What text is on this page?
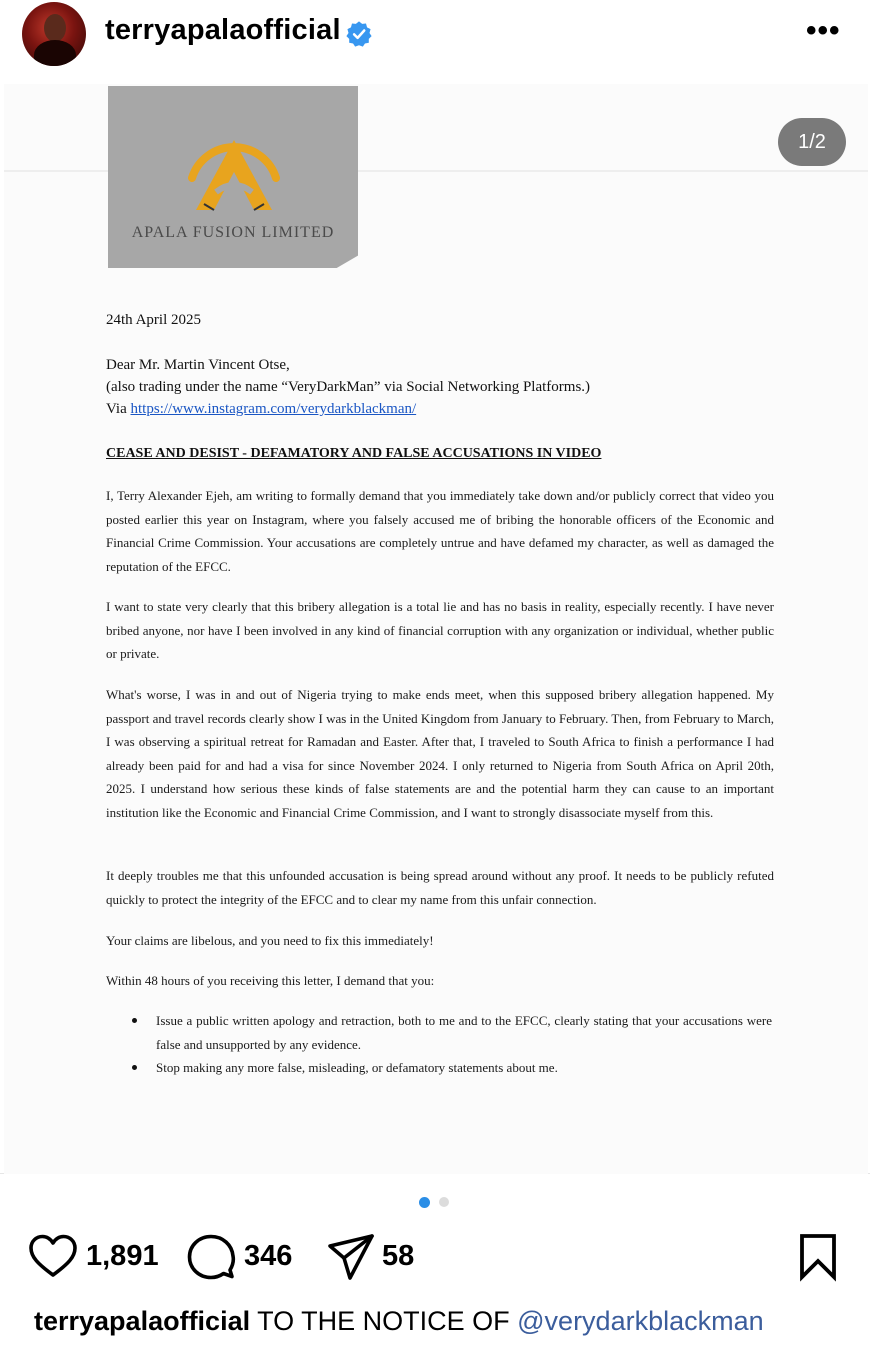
terryapalaofficial	•••
APALA FUSION LIMITED
1/2
24th April 2025
Dear Mr. Martin Vincent Otse,
(also trading under the name “VeryDarkMan” via Social Networking Platforms.)
Via https://www.instagram.com/verydarkblackman/
CEASE AND DESIST - DEFAMATORY AND FALSE ACCUSATIONS IN VIDEO
I, Terry Alexander Ejeh, am writing to formally demand that you immediately take down and/or publicly correct that video you posted earlier this year on Instagram, where you falsely accused me of bribing the honorable officers of the Economic and Financial Crime Commission. Your accusations are completely untrue and have defamed my character, as well as damaged the reputation of the EFCC.
I want to state very clearly that this bribery allegation is a total lie and has no basis in reality, especially recently. I have never bribed anyone, nor have I been involved in any kind of financial corruption with any organization or individual, whether public or private.
What's worse, I was in and out of Nigeria trying to make ends meet, when this supposed bribery allegation happened. My passport and travel records clearly show I was in the United Kingdom from January to February. Then, from February to March, I was observing a spiritual retreat for Ramadan and Easter. After that, I traveled to South Africa to finish a performance I had already been paid for and had a visa for since November 2024. I only returned to Nigeria from South Africa on April 20th, 2025. I understand how serious these kinds of false statements are and the potential harm they can cause to an important institution like the Economic and Financial Crime Commission, and I want to strongly disassociate myself from this.
It deeply troubles me that this unfounded accusation is being spread around without any proof. It needs to be publicly refuted quickly to protect the integrity of the EFCC and to clear my name from this unfair connection.
Your claims are libelous, and you need to fix this immediately!
Within 48 hours of you receiving this letter, I demand that you:
Issue a public written apology and retraction, both to me and to the EFCC, clearly stating that your accusations were false and unsupported by any evidence.
Stop making any more false, misleading, or defamatory statements about me.
1,891	346	58
terryapalaofficial TO THE NOTICE OF @verydarkblackman
